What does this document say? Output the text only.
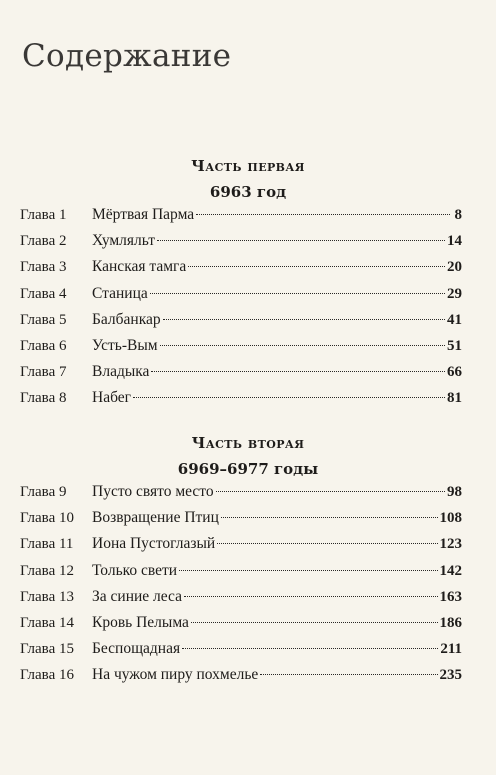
Содержание
Часть первая
6963 год
Глава 1	Мёртвая Парма	8
Глава 2	Хумляльт	14
Глава 3	Канская тамга	20
Глава 4	Станица	29
Глава 5	Балбанкар	41
Глава 6	Усть-Вым	51
Глава 7	Владыка	66
Глава 8	Набег	81
Часть вторая
6969–6977 годы
Глава 9	Пусто свято место	98
Глава 10	Возвращение Птиц	108
Глава 11	Иона Пустоглазый	123
Глава 12	Только свети	142
Глава 13	За синие леса	163
Глава 14	Кровь Пелыма	186
Глава 15	Беспощадная	211
Глава 16	На чужом пиру похмелье	235
